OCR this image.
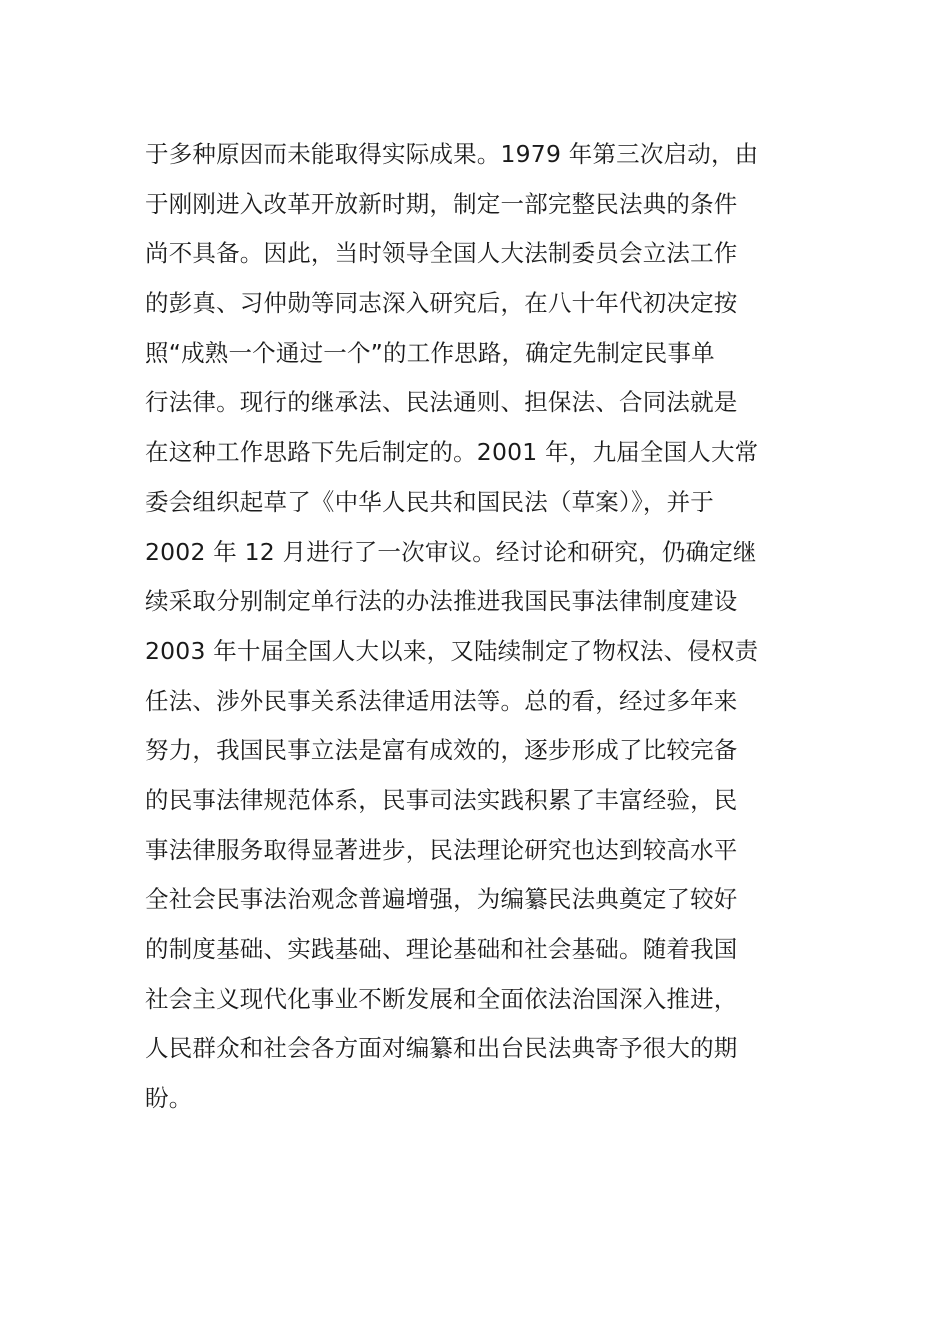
于多种原因而未能取得实际成果。1979 年第三次启动，由
于刚刚进入改革开放新时期，制定一部完整民法典的条件
尚不具备。因此，当时领导全国人大法制委员会立法工作
的彭真、习仲勋等同志深入研究后，在八十年代初决定按
照“成熟一个通过一个”的工作思路，确定先制定民事单
行法律。现行的继承法、民法通则、担保法、合同法就是
在这种工作思路下先后制定的。2001 年，九届全国人大常
委会组织起草了《中华人民共和国民法（草案）》，并于
2002 年 12 月进行了一次审议。经讨论和研究，仍确定继
续采取分别制定单行法的办法推进我国民事法律制度建设
2003 年十届全国人大以来，又陆续制定了物权法、侵权责
任法、涉外民事关系法律适用法等。总的看，经过多年来
努力，我国民事立法是富有成效的，逐步形成了比较完备
的民事法律规范体系，民事司法实践积累了丰富经验，民
事法律服务取得显著进步，民法理论研究也达到较高水平
全社会民事法治观念普遍增强，为编纂民法典奠定了较好
的制度基础、实践基础、理论基础和社会基础。随着我国
社会主义现代化事业不断发展和全面依法治国深入推进，
人民群众和社会各方面对编纂和出台民法典寄予很大的期
盼。
